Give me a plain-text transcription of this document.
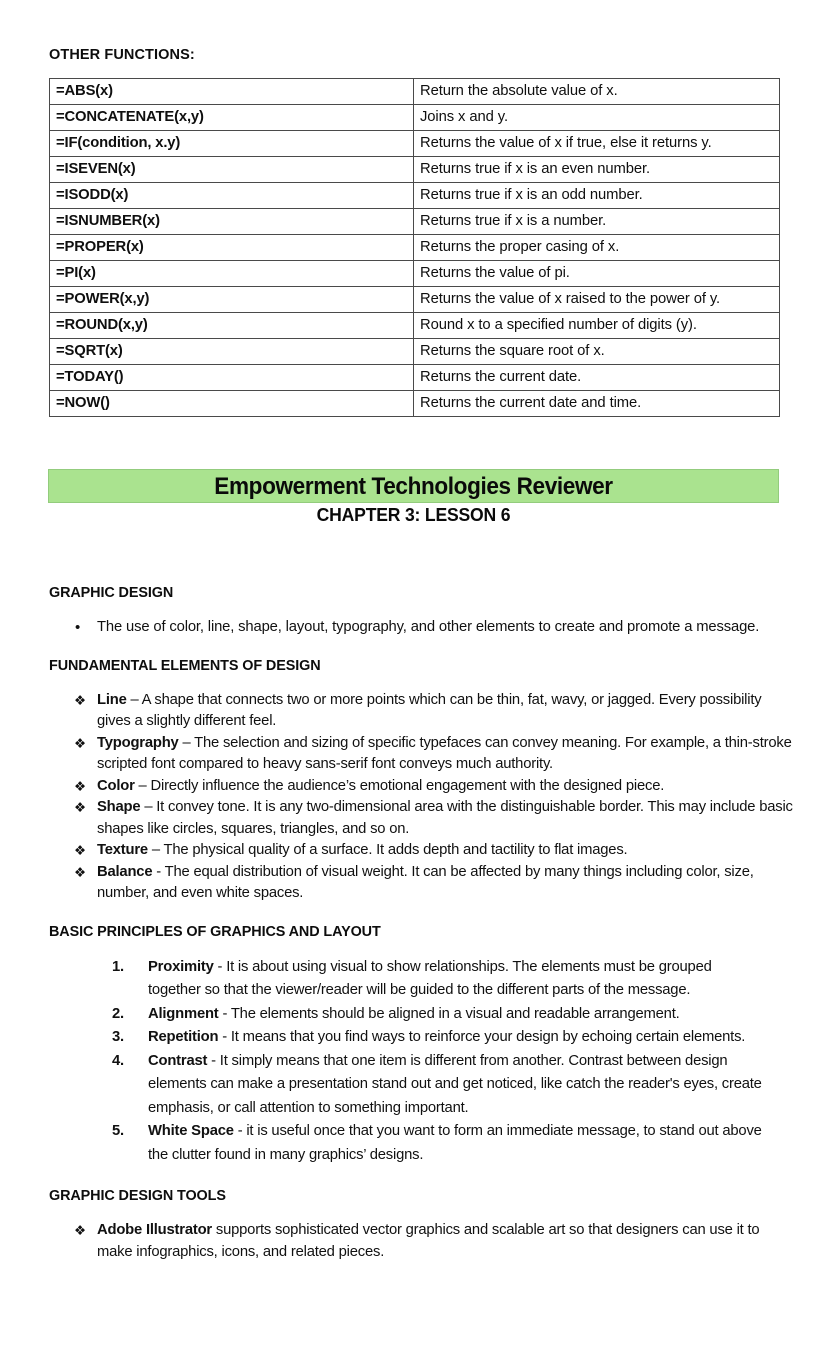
OTHER FUNCTIONS:
=ABS(x)	Return the absolute value of x.
=CONCATENATE(x,y)	Joins x and y.
=IF(condition, x.y)	Returns the value of x if true, else it returns y.
=ISEVEN(x)	Returns true if x is an even number.
=ISODD(x)	Returns true if x is an odd number.
=ISNUMBER(x)	Returns true if x is a number.
=PROPER(x)	Returns the proper casing of x.
=PI(x)	Returns the value of pi.
=POWER(x,y)	Returns the value of x raised to the power of y.
=ROUND(x,y)	Round x to a specified number of digits (y).
=SQRT(x)	Returns the square root of x.
=TODAY()	Returns the current date.
=NOW()	Returns the current date and time.
Empowerment Technologies Reviewer
CHAPTER 3: LESSON 6
GRAPHIC DESIGN
• The use of color, line, shape, layout, typography, and other elements to create and promote a message.
FUNDAMENTAL ELEMENTS OF DESIGN
❖ Line – A shape that connects two or more points which can be thin, fat, wavy, or jagged. Every possibility gives a slightly different feel.
❖ Typography – The selection and sizing of specific typefaces can convey meaning. For example, a thin-stroke scripted font compared to heavy sans-serif font conveys much authority.
❖ Color – Directly influence the audience’s emotional engagement with the designed piece.
❖ Shape – It convey tone. It is any two-dimensional area with the distinguishable border. This may include basic shapes like circles, squares, triangles, and so on.
❖ Texture – The physical quality of a surface. It adds depth and tactility to flat images.
❖ Balance - The equal distribution of visual weight. It can be affected by many things including color, size, number, and even white spaces.
BASIC PRINCIPLES OF GRAPHICS AND LAYOUT
1. Proximity - It is about using visual to show relationships. The elements must be grouped together so that the viewer/reader will be guided to the different parts of the message.
2. Alignment - The elements should be aligned in a visual and readable arrangement.
3. Repetition - It means that you find ways to reinforce your design by echoing certain elements.
4. Contrast - It simply means that one item is different from another. Contrast between design elements can make a presentation stand out and get noticed, like catch the reader's eyes, create emphasis, or call attention to something important.
5. White Space - it is useful once that you want to form an immediate message, to stand out above the clutter found in many graphics’ designs.
GRAPHIC DESIGN TOOLS
❖ Adobe Illustrator supports sophisticated vector graphics and scalable art so that designers can use it to make infographics, icons, and related pieces.
